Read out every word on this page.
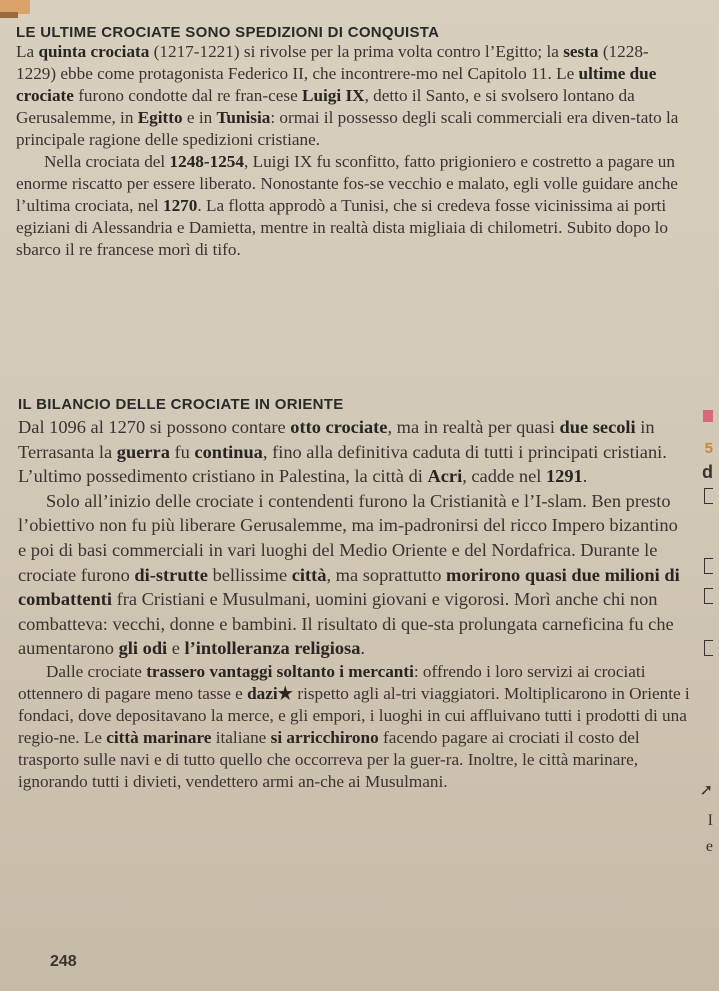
LE ULTIME CROCIATE SONO SPEDIZIONI DI CONQUISTA

La quinta crociata (1217-1221) si rivolse per la prima volta contro l’Egitto; la sesta (1228-1229) ebbe come protagonista Federico II, che incontrere-mo nel Capitolo 11. Le ultime due crociate furono condotte dal re fran-cese Luigi IX, detto il Santo, e si svolsero lontano da Gerusalemme, in Egitto e in Tunisia: ormai il possesso degli scali commerciali era diven-tato la principale ragione delle spedizioni cristiane.

Nella crociata del 1248-1254, Luigi IX fu sconfitto, fatto prigioniero e costretto a pagare un enorme riscatto per essere liberato. Nonostante fos-se vecchio e malato, egli volle guidare anche l’ultima crociata, nel 1270. La flotta approdò a Tunisi, che si credeva fosse vicinissima ai porti egiziani di Alessandria e Damietta, mentre in realtà dista migliaia di chilometri. Subito dopo lo sbarco il re francese morì di tifo.

IL BILANCIO DELLE CROCIATE IN ORIENTE

Dal 1096 al 1270 si possono contare otto crociate, ma in realtà per quasi due secoli in Terrasanta la guerra fu continua, fino alla definitiva caduta di tutti i principati cristiani. L’ultimo possedimento cristiano in Palestina, la città di Acri, cadde nel 1291.

Solo all’inizio delle crociate i contendenti furono la Cristianità e l’I-slam. Ben presto l’obiettivo non fu più liberare Gerusalemme, ma im-padronirsi del ricco Impero bizantino e poi di basi commerciali in vari luoghi del Medio Oriente e del Nordafrica. Durante le crociate furono di-strutte bellissime città, ma soprattutto morirono quasi due milioni di combattenti fra Cristiani e Musulmani, uomini giovani e vigorosi. Morì anche chi non combatteva: vecchi, donne e bambini. Il risultato di que-sta prolungata carneficina fu che aumentarono gli odi e l’intolleranza religiosa.

Dalle crociate trassero vantaggi soltanto i mercanti: offrendo i loro servizi ai crociati ottennero di pagare meno tasse e dazi★ rispetto agli al-tri viaggiatori. Moltiplicarono in Oriente i fondaci, dove depositavano la merce, e gli empori, i luoghi in cui affluivano tutti i prodotti di una regio-ne. Le città marinare italiane si arricchirono facendo pagare ai crociati il costo del trasporto sulle navi e di tutto quello che occorreva per la guer-ra. Inoltre, le città marinare, ignorando tutti i divieti, vendettero armi an-che ai Musulmani.

5
d
➚
I
e
248
